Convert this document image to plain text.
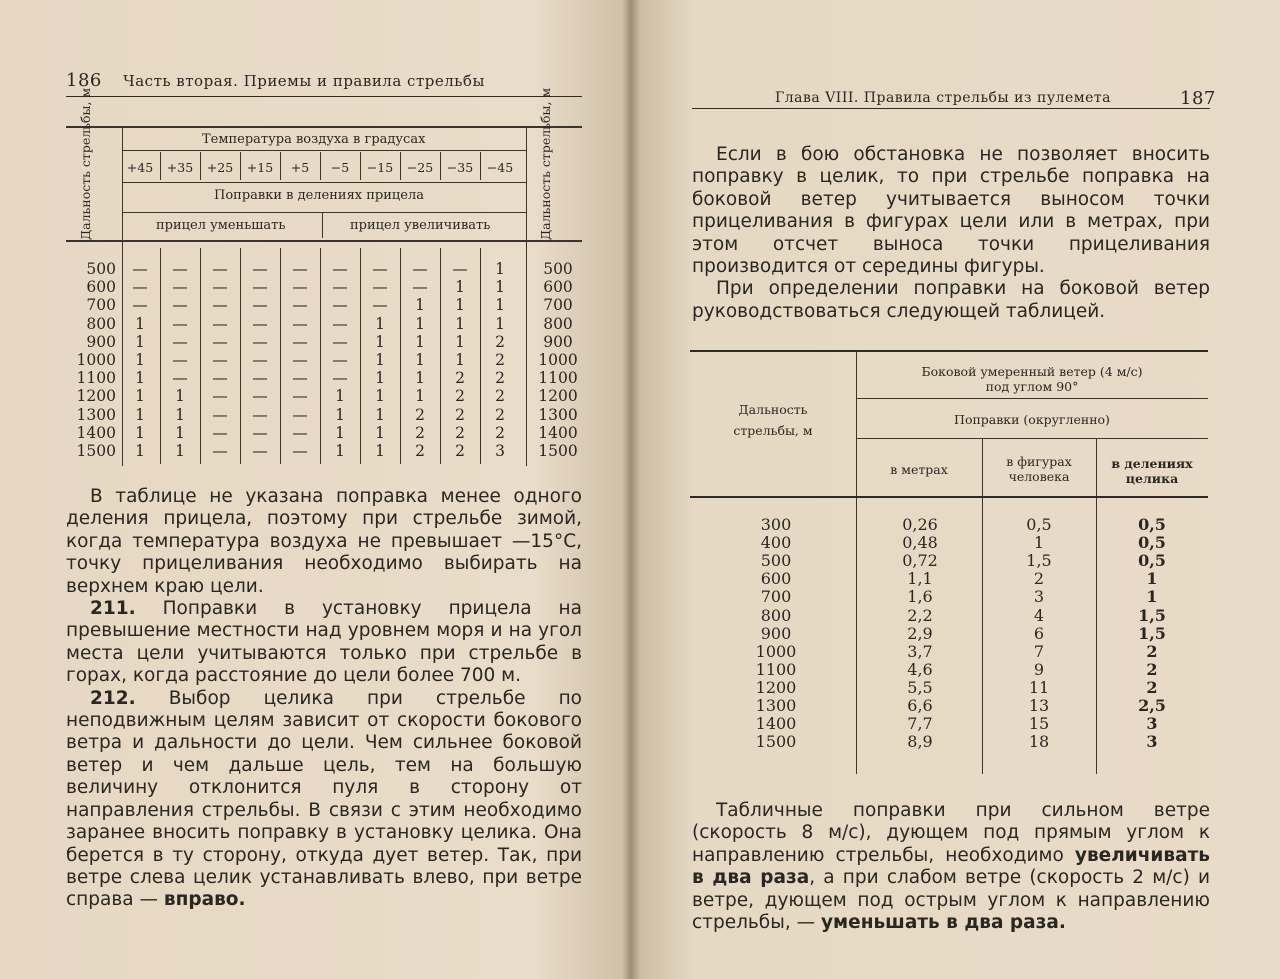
186 Часть вторая. Приемы и правила стрельбы
Дальность стрельбы, м	Дальность стрельбы, м
Температура воздуха в градусах
+45	+35	+25	+15	+5	−5	−15	−25	−35	−45
Поправки в делениях прицела
прицел уменьшать	прицел увеличивать
500	—	—	—	—	—	—	—	—	—	1	500
600	—	—	—	—	—	—	—	—	1	1	600
700	—	—	—	—	—	—	—	1	1	1	700
800	1	—	—	—	—	—	1	1	1	1	800
900	1	—	—	—	—	—	1	1	1	2	900
1000	1	—	—	—	—	—	1	1	1	2	1000
1100	1	—	—	—	—	—	1	1	2	2	1100
1200	1	1	—	—	—	1	1	1	2	2	1200
1300	1	1	—	—	—	1	1	2	2	2	1300
1400	1	1	—	—	—	1	1	2	2	2	1400
1500	1	1	—	—	—	1	1	2	2	3	1500

В таблице не указана поправка менее одного деления прицела, поэтому при стрельбе зимой, когда температура воздуха не превышает —15°С, точку прицеливания необходимо выбирать на верхнем краю цели.

211. Поправки в установку прицела на превышение местности над уровнем моря и на угол места цели учитываются только при стрельбе в горах, когда расстояние до цели более 700 м.

212. Выбор целика при стрельбе по неподвижным целям зависит от скорости бокового ветра и дальности до цели. Чем сильнее боковой ветер и чем дальше цель, тем на большую величину отклонится пуля в сторону от направления стрельбы. В связи с этим необходимо заранее вносить поправку в установку целика. Она берется в ту сторону, откуда дует ветер. Так, при ветре слева целик устанавливать влево, при ветре справа — вправо.

Глава VIII. Правила стрельбы из пулемета	187

Если в бою обстановка не позволяет вносить поправку в целик, то при стрельбе поправка на боковой ветер учитывается выносом точки прицеливания в фигурах цели или в метрах, при этом отсчет выноса точки прицеливания производится от середины фигуры.

При определении поправки на боковой ветер руководствоваться следующей таблицей.

Дальность
стрельбы, м
Боковой умеренный ветер (4 м/с)
под углом 90°
Поправки (округленно)
в метрах
в фигурах
человека
в делениях
целика
300	0,26	0,5	0,5
400	0,48	1	0,5
500	0,72	1,5	0,5
600	1,1	2	1
700	1,6	3	1
800	2,2	4	1,5
900	2,9	6	1,5
1000	3,7	7	2
1100	4,6	9	2
1200	5,5	11	2
1300	6,6	13	2,5
1400	7,7	15	3
1500	8,9	18	3

Табличные поправки при сильном ветре (скорость 8 м/с), дующем под прямым углом к направлению стрельбы, необходимо увеличивать в два раза, а при слабом ветре (скорость 2 м/с) и ветре, дующем под острым углом к направлению стрельбы, — уменьшать в два раза.
